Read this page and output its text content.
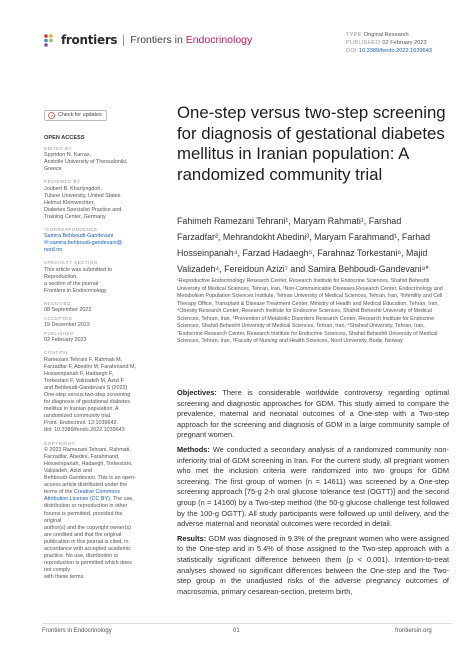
frontiers Frontiers in Endocrinology	TYPE Original Research
PUBLISHED 02 February 2023
DOI 10.3389/fendo.2022.1039643
Check for updates
OPEN ACCESS
EDITED BY

Spyridon N. Karras,
Aristotle University of Thessaloniki,
Greece

REVIEWED BY

Joubert B. Kharlyngdoh,
Tulane University, United States
Helmut Kleinwechter,
Diabetes Specialist Practice and
Training Center, Germany

*CORRESPONDENCE

Samira Behboudi-Gandevani
✉ samira.behboudi-gandevani@
nord.no

SPECIALTY SECTION

This article was submitted to
Reproduction,
a section of the journal
Frontiers in Endocrinology

RECEIVED

08 September 2022

ACCEPTED

19 December 2022

PUBLISHED

02 February 2023

CITATION

Ramezani Tehrani F, Rahmati M,
Farzadfar F, Abedini M, Farahmand M,
Hosseinpanah F, Hadaegh F,
Torkestani F, Valizadeh M, Azizi F
and Behboudi-Gandevani S (2023)
One-step versus two-step screening
for diagnosis of gestational diabetes
mellitus in Iranian population: A
randomized community trial.
Front. Endocrinol. 13:1039643.
doi: 10.3389/fendo.2022.1039643

COPYRIGHT

© 2023 Ramezani Tehrani, Rahmati,
Farzadfar, Abedini, Farahmand,
Hosseinpanah, Hadaegh, Torkestani,
Valizadeh, Azizi and
Behboudi-Gandevani. This is an open-
access article distributed under the
terms of the Creative Commons
Attribution License (CC BY). The use,
distribution or reproduction in other
forums is permitted, provided the
original
author(s) and the copyright owner(s)
are credited and that the original
publication in this journal is cited, in
accordance with accepted academic
practice. No use, distribution or
reproduction is permitted which does
not comply
with these terms.

One-step versus two-step screening for diagnosis of gestational diabetes mellitus in Iranian population: A randomized community trial
Fahimeh Ramezani Tehrani¹, Maryam Rahmati¹, Farshad Farzadfar², Mehrandokht Abedini³, Maryam Farahmand¹, Farhad Hosseinpanah⁴, Farzad Hadaegh⁵, Farahnaz Torkestani⁶, Majid Valizadeh⁴, Fereidoun Azizi⁷ and Samira Behboudi-Gandevani⁸*
¹Reproductive Endocrinology Research Center, Research Institute for Endocrine Sciences, Shahid Beheshti University of Medical Sciences, Tehran, Iran, ²Non-Communicable Diseases Research Center, Endocrinology and Metabolism Population Sciences Institute, Tehran University of Medical Sciences, Tehran, Iran, ³Infertility and Cell Therapy Office, Transplant & Disease Treatment Center, Ministry of Health and Medical Education, Tehran, Iran, ⁴Obesity Research Center, Research Institute for Endocrine Sciences, Shahid Beheshti University of Medical Sciences, Tehran, Iran, ⁵Prevention of Metabolic Disorders Research Center, Research Institute for Endocrine Sciences, Shahid Beheshti University of Medical Sciences, Tehran, Iran, ⁶Shahed University, Tehran, Iran, ⁷Endocrine Research Center, Research Institute for Endocrine Sciences, Shahid Beheshti University of Medical Sciences, Tehran, Iran, ⁸Faculty of Nursing and Health Sciences, Nord University, Bodø, Norway

Objectives: There is considerable worldwide controversy regarding optimal screening and diagnostic approaches for GDM. This study aimed to compare the prevalence, maternal and neonatal outcomes of a One-step with a Two-step approach for the screening and diagnosis of GDM in a large community sample of pregnant women.

Methods: We conducted a secondary analysis of a randomized community non-inferiority trial of GDM screening in Iran. For the current study, all pregnant women who met the inclusion criteria were randomized into two groups for GDM screening. The first group of women (n = 14611) was screened by a One-step screening approach [75-g 2-h oral glucose tolerance test (OGTT)] and the second group (n = 14160) by a Two-step method (the 50-g glucose challenge test followed by the 100-g OGTT). All study participants were followed up until delivery, and the adverse maternal and neonatal outcomes were recorded in detail.

Results: GDM was diagnosed in 9.3% of the pregnant women who were assigned to the One-step and in 5.4% of those assigned to the Two-step approach with a statistically significant difference between them (p < 0.001). Intention-to-treat analyses showed no significant differences between the One-step and the Two-step group in the unadjusted risks of the adverse pregnancy outcomes of macrosomia, primary cesarean-section, preterm birth,

Frontiers in Endocrinology	01	frontiersin.org
